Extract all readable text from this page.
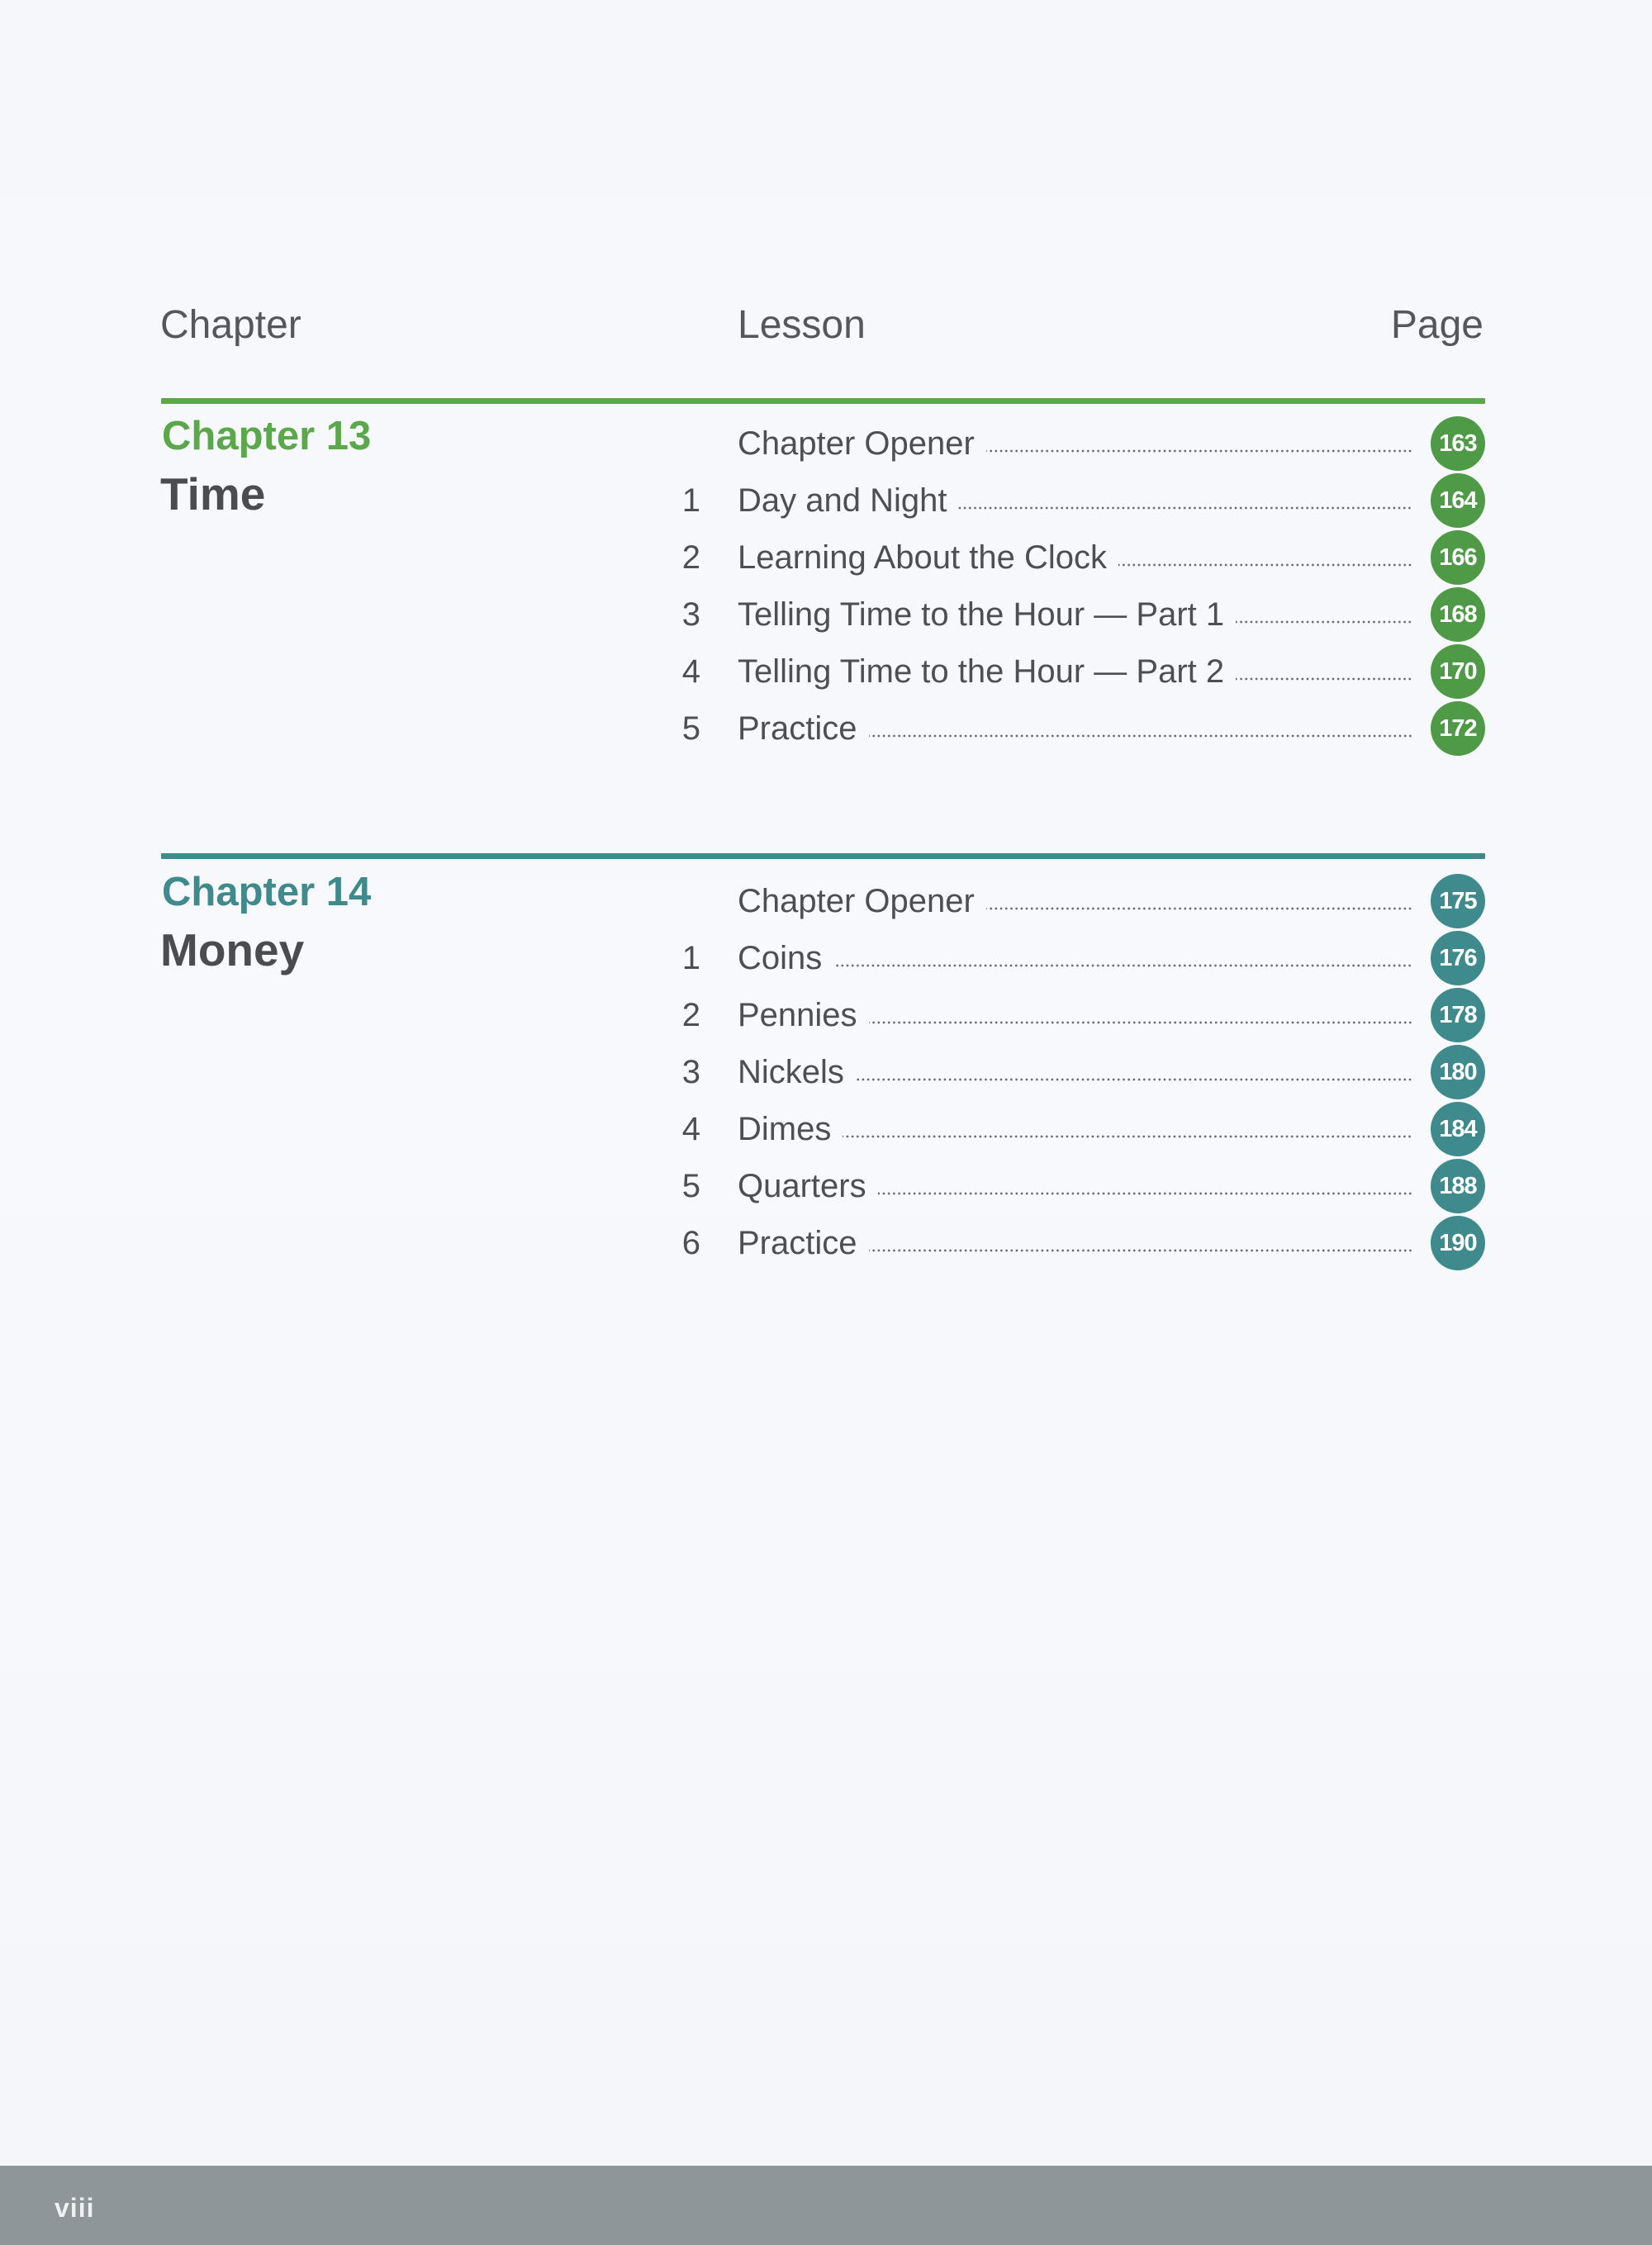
Chapter	Lesson	Page
Chapter 13
Time
Chapter Opener	163
1 Day and Night	164
2 Learning About the Clock	166
3 Telling Time to the Hour — Part 1	168
4 Telling Time to the Hour — Part 2	170
5 Practice	172
Chapter 14
Money
Chapter Opener	175
1 Coins	176
2 Pennies	178
3 Nickels	180
4 Dimes	184
5 Quarters	188
6 Practice	190
viii
